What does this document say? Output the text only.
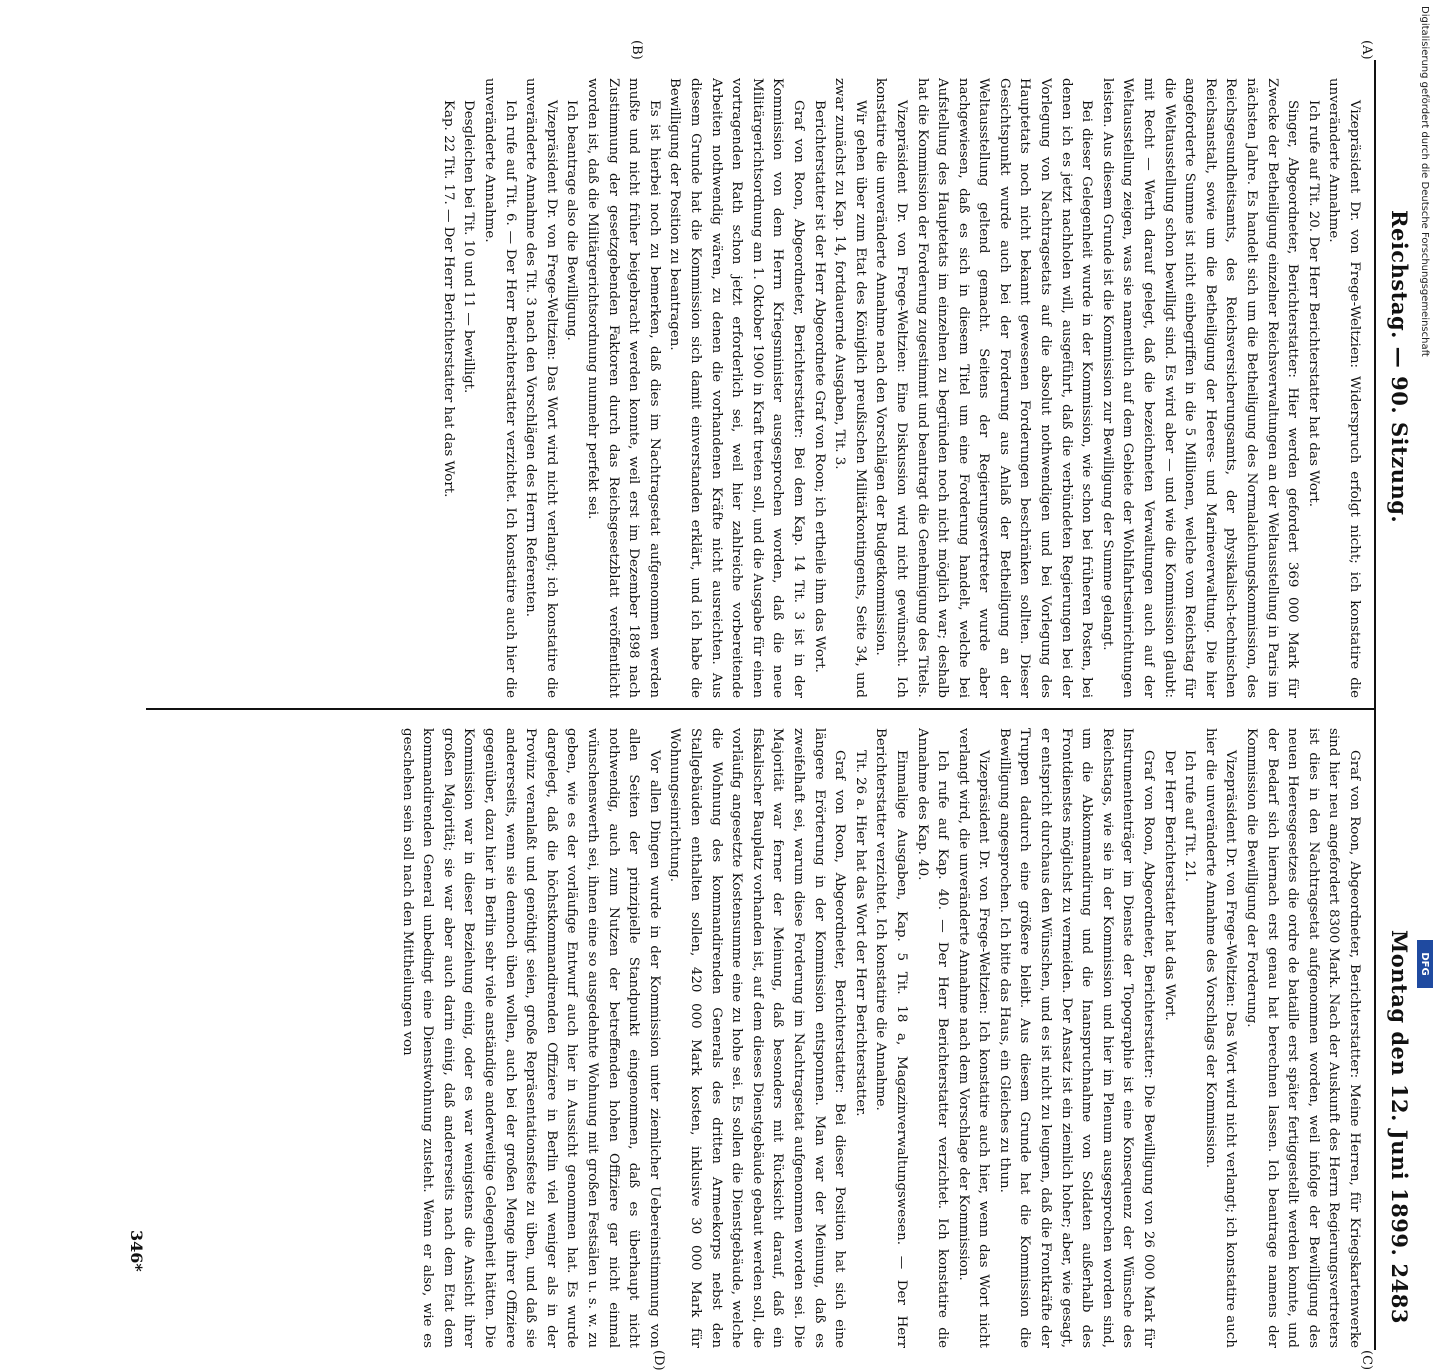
Digitalisierung gefördert durch die Deutsche Forschungsgemeinschaft
DFG
Reichstag. — 90. Sitzung.
Montag den 12. Juni 1899.
2483
(A)
(B)
(C)
(D)

Vizepräsident Dr. von Frege-Weltzien: Widerspruch erfolgt nicht; ich konstatire die unveränderte Annahme.

Ich rufe auf Tit. 20. Der Herr Berichterstatter hat das Wort.

Singer, Abgeordneter, Berichterstatter: Hier werden gefordert 369 000 Mark für Zwecke der Betheiligung einzelner Reichsverwaltungen an der Weltausstellung in Paris im nächsten Jahre. Es handelt sich um die Betheiligung des Normalaichungskommission, des Reichsgesundheitsamts, des Reichsversicherungsamts, der physikalisch-technischen Reichsanstalt, sowie um die Betheiligung der Heeres- und Marineverwaltung. Die hier angeforderte Summe ist nicht einbegriffen in die 5 Millionen, welche vom Reichstag für die Weltausstellung schon bewilligt sind. Es wird aber — und wie die Kommission glaubt: mit Recht — Werth darauf gelegt, daß die bezeichneten Verwaltungen auch auf der Weltausstellung zeigen, was sie namentlich auf dem Gebiete der Wohlfahrtseinrichtungen leisten. Aus diesem Grunde ist die Kommission zur Bewilligung der Summe gelangt.

Bei dieser Gelegenheit wurde in der Kommission, wie schon bei früheren Posten, bei denen ich es jetzt nachholen will, ausgeführt, daß die verbündeten Regierungen bei der Vorlegung von Nachtragsetats auf die absolut nothwendigen und bei Vorlegung des Hauptetats noch nicht bekannt gewesenen Forderungen beschränken sollten. Dieser Gesichtspunkt wurde auch bei der Forderung aus Anlaß der Betheiligung an der Weltausstellung geltend gemacht. Seitens der Regierungsvertreter wurde aber nachgewiesen, daß es sich in diesem Titel um eine Forderung handelt, welche bei Aufstellung des Hauptetats im einzelnen zu begründen noch nicht möglich war; deshalb hat die Kommission der Forderung zugestimmt und beantragt die Genehmigung des Titels.

Vizepräsident Dr. von Frege-Weltzien: Eine Diskussion wird nicht gewünscht. Ich konstatire die unveränderte Annahme nach den Vorschlägen der Budgetkommission.

Wir gehen über zum Etat des Königlich preußischen Militärkontingents, Seite 34, und zwar zunächst zu Kap. 14, fortdauernde Ausgaben, Tit. 3.

Berichterstatter ist der Herr Abgeordnete Graf von Roon; ich ertheile ihm das Wort.

Graf von Roon, Abgeordneter, Berichterstatter: Bei dem Kap. 14 Tit. 3 ist in der Kommission von dem Herrn Kriegsminister ausgesprochen worden, daß die neue Militärgerichtsordnung am 1. Oktober 1900 in Kraft treten soll, und die Ausgabe für einen vortragenden Rath schon jetzt erforderlich sei, weil hier zahlreiche vorbereitende Arbeiten nothwendig wären, zu denen die vorhandenen Kräfte nicht ausreichten. Aus diesem Grunde hat die Kommission sich damit einverstanden erklärt, und ich habe die Bewilligung der Position zu beantragen.

Es ist hierbei noch zu bemerken, daß dies im Nachtragsetat aufgenommen werden mußte und nicht früher beigebracht werden konnte, weil erst im Dezember 1898 nach Zustimmung der gesetzgebenden Faktoren durch das Reichsgesetzblatt veröffentlicht worden ist, daß die Militärgerichtsordnung nunmehr perfekt sei.

Ich beantrage also die Bewilligung.

Vizepräsident Dr. von Frege-Weltzien: Das Wort wird nicht verlangt; ich konstatire die unveränderte Annahme des Tit. 3 nach den Vorschlägen des Herrn Referenten.

Ich rufe auf Tit. 6. — Der Herr Berichterstatter verzichtet. Ich konstatire auch hier die unveränderte Annahme.

Desgleichen bei Tit. 10 und 11 — bewilligt.

Kap. 22 Tit. 17. — Der Herr Berichterstatter hat das Wort.

Graf von Roon, Abgeordneter, Berichterstatter: Meine Herren, für Kriegskartenwerke sind hier neu angefordert 8300 Mark. Nach der Auskunft des Herrn Regierungsvertreters ist dies in den Nachtragsetat aufgenommen worden, weil infolge der Bewilligung des neuen Heeresgesetzes die ordre de bataille erst später fertiggestellt werden konnte, und der Bedarf sich hiernach erst genau hat berechnen lassen. Ich beantrage namens der Kommission die Bewilligung der Forderung.

Vizepräsident Dr. von Frege-Weltzien: Das Wort wird nicht verlangt; ich konstatire auch hier die unveränderte Annahme des Vorschlags der Kommission.

Ich rufe auf Tit. 21.

Der Herr Berichterstatter hat das Wort.

Graf von Roon, Abgeordneter, Berichterstatter: Die Bewilligung von 26 000 Mark für Instrumententräger im Dienste der Topographie ist eine Konsequenz der Wünsche des Reichstags, wie sie in der Kommission und hier im Plenum ausgesprochen worden sind, um die Abkommandirung und die Inanspruchnahme von Soldaten außerhalb des Frontdienstes möglichst zu vermeiden. Der Ansatz ist ein ziemlich hoher; aber, wie gesagt, er entspricht durchaus den Wünschen, und es ist nicht zu leugnen, daß die Frontkräfte der Truppen dadurch eine größere bleibt. Aus diesem Grunde hat die Kommission die Bewilligung angesprochen. Ich bitte das Haus, ein Gleiches zu thun.

Vizepräsident Dr. von Frege-Weltzien: Ich konstatire auch hier, wenn das Wort nicht verlangt wird, die unveränderte Annahme nach dem Vorschlage der Kommission.

Ich rufe auf Kap. 40. — Der Herr Berichterstatter verzichtet. Ich konstatire die Annahme des Kap. 40.

Einmalige Ausgaben, Kap. 5 Tit. 18 a, Magazinverwaltungswesen. — Der Herr Berichterstatter verzichtet. Ich konstatire die Annahme.

Tit. 26 a. Hier hat das Wort der Herr Berichterstatter.

Graf von Roon, Abgeordneter, Berichterstatter: Bei dieser Position hat sich eine längere Erörterung in der Kommission entsponnen. Man war der Meinung, daß es zweifelhaft sei, warum diese Forderung im Nachtragsetat aufgenommen worden sei. Die Majorität war ferner der Meinung, daß besonders mit Rücksicht darauf, daß ein fiskalischer Bauplatz vorhanden ist, auf dem dieses Dienstgebäude gebaut werden soll, die vorläufig angesetzte Kostensumme eine zu hohe sei. Es sollen die Dienstgebäude, welche die Wohnung des kommandirenden Generals des dritten Armeekorps nebst den Stallgebäuden enthalten sollen, 420 000 Mark kosten, inklusive 30 000 Mark für Wohnungseinrichtung.

Vor allen Dingen wurde in der Kommission unter ziemlicher Uebereinstimmung von allen Seiten der prinzipielle Standpunkt eingenommen, daß es überhaupt nicht nothwendig, auch zum Nutzen der betreffenden hohen Offiziere gar nicht einmal wünschenswerth sei, ihnen eine so ausgedehnte Wohnung mit großen Festsälen u. s. w. zu geben, wie es der vorläufige Entwurf auch hier in Aussicht genommen hat. Es wurde dargelegt, daß die höchstkommandirenden Offiziere in Berlin viel weniger als in der Provinz veranlaßt und genöthigt seien, große Repräsentationsfeste zu üben, und daß sie andererseits, wenn sie dennoch üben wollen, auch bei der großen Menge ihrer Offiziere gegenüber, dazu hier in Berlin sehr viele anständige anderweitige Gelegenheit hätten. Die Kommission war in dieser Beziehung einig, oder es war wenigstens die Ansicht ihrer großen Majorität; sie war aber auch darin einig, daß andererseits nach dem Etat dem kommandirenden General unbedingt eine Dienstwohnung zusteht. Wenn er also, wie es geschehen sein soll nach den Mittheilungen von

346*
